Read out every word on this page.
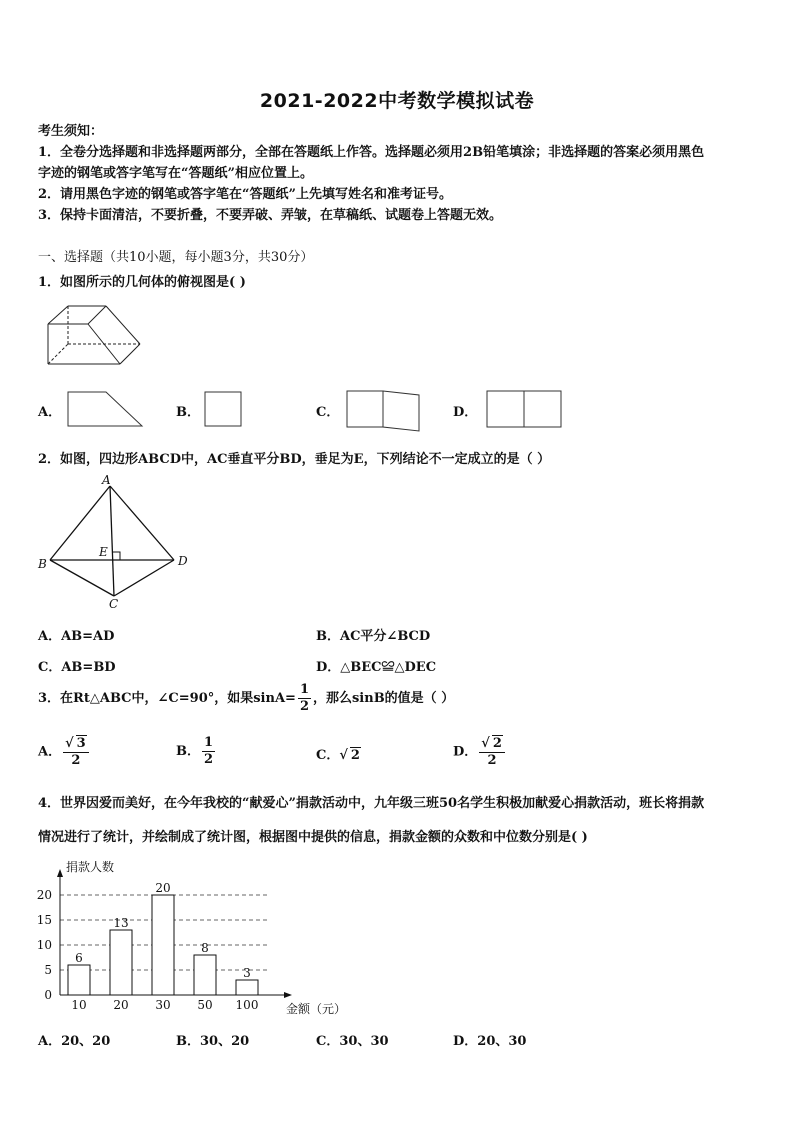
2021-2022中考数学模拟试卷
考生须知：
1．全卷分选择题和非选择题两部分，全部在答题纸上作答。选择题必须用2B铅笔填涂；非选择题的答案必须用黑色
字迹的钢笔或答字笔写在“答题纸”相应位置上。
2．请用黑色字迹的钢笔或答字笔在“答题纸”上先填写姓名和准考证号。
3．保持卡面清洁，不要折叠，不要弄破、弄皱，在草稿纸、试题卷上答题无效。
一、选择题（共10小题，每小题3分，共30分）
1．如图所示的几何体的俯视图是( )
A．	B．	C．	D．
2．如图，四边形ABCD中，AC垂直平分BD，垂足为E，下列结论不一定成立的是（ ）
A
B
C
D
E
A．AB=AD	B．AC平分∠BCD
C．AB=BD	D．△BEC≌△DEC
3．在Rt△ABC中，∠C=90°，如果$\sin A= \frac{1}{2}$ ，那么sinB的值是（ ）
A． $\frac{√ 3}{2}$	B． $\frac{1}{2}$	C．√ 2	D． $\frac{√ 2}{2}$
4．世界因爱而美好，在今年我校的“献爱心”捐款活动中，九年级三班50名学生积极加献爱心捐款活动，班长将捐款
情况进行了统计，并绘制成了统计图，根据图中提供的信息，捐款金额的众数和中位数分别是( )
0
5
10
15
20
捐款人数
金额（元）
6
10
13
20
20
30
8
50
3
100
A．20、20	B．30、20	C．30、30	D．20、30
